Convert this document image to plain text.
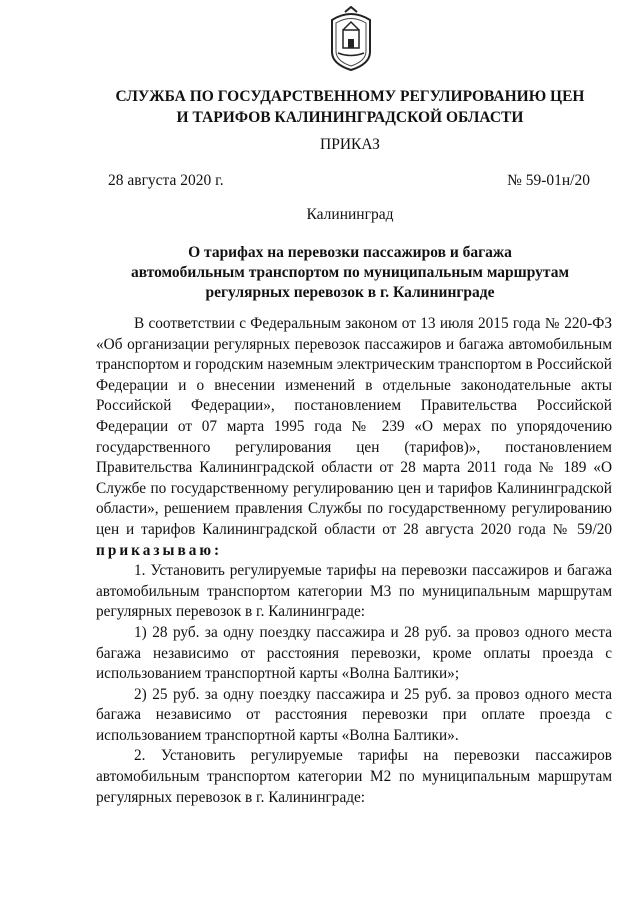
СЛУЖБА ПО ГОСУДАРСТВЕННОМУ РЕГУЛИРОВАНИЮ ЦЕН
И ТАРИФОВ КАЛИНИНГРАДСКОЙ ОБЛАСТИ
ПРИКАЗ
28 августа 2020 г.	№ 59-01н/20
Калининград
О тарифах на перевозки пассажиров и багажа
автомобильным транспортом по муниципальным маршрутам
регулярных перевозок в г. Калининграде

В соответствии с Федеральным законом от 13 июля 2015 года № 220-ФЗ «Об организации регулярных перевозок пассажиров и багажа автомобильным транспортом и городским наземным электрическим транспортом в Российской Федерации и о внесении изменений в отдельные законодательные акты Российской Федерации», постановлением Правительства Российской Федерации от 07 марта 1995 года № 239 «О мерах по упорядочению государственного регулирования цен (тарифов)», постановлением Правительства Калининградской области от 28 марта 2011 года № 189 «О Службе по государственному регулированию цен и тарифов Калининградской области», решением правления Службы по государственному регулированию цен и тарифов Калининградской области от 28 августа 2020 года № 59/20 приказываю:

1. Установить регулируемые тарифы на перевозки пассажиров и багажа автомобильным транспортом категории М3 по муниципальным маршрутам регулярных перевозок в г. Калининграде:

1) 28 руб. за одну поездку пассажира и 28 руб. за провоз одного места багажа независимо от расстояния перевозки, кроме оплаты проезда с использованием транспортной карты «Волна Балтики»;

2) 25 руб. за одну поездку пассажира и 25 руб. за провоз одного места багажа независимо от расстояния перевозки при оплате проезда с использованием транспортной карты «Волна Балтики».

2. Установить регулируемые тарифы на перевозки пассажиров автомобильным транспортом категории М2 по муниципальным маршрутам регулярных перевозок в г. Калининграде:
